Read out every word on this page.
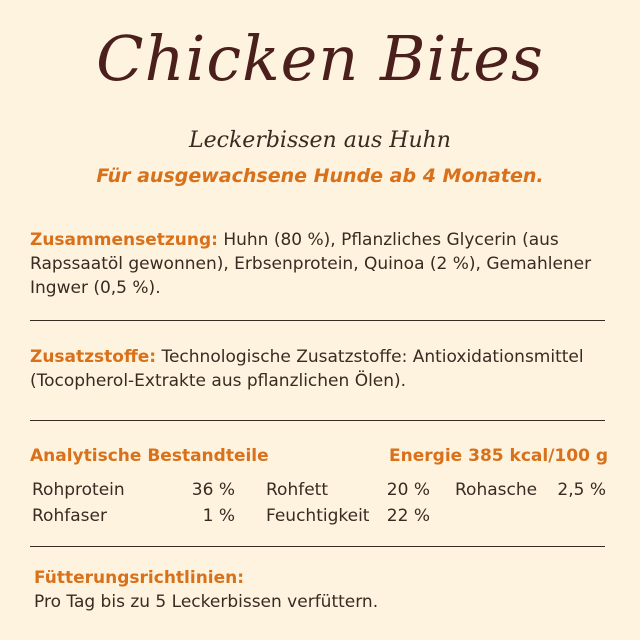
Chicken Bites
Leckerbissen aus Huhn
Für ausgewachsene Hunde ab 4 Monaten.
Zusammensetzung: Huhn (80 %), Pflanzliches Glycerin (aus Rapssaatöl gewonnen), Erbsenprotein, Quinoa (2 %), Gemahlener Ingwer (0,5 %).
Zusatzstoffe: Technologische Zusatzstoffe: Antioxidationsmittel (Tocopherol-Extrakte aus pflanzlichen Ölen).
Analytische Bestandteile	Energie 385 kcal/100 g
Rohprotein	36 % Rohfett	20 % Rohasche	2,5 %
Rohfaser	1 % Feuchtigkeit	22 %
Fütterungsrichtlinien:
Pro Tag bis zu 5 Leckerbissen verfüttern.
